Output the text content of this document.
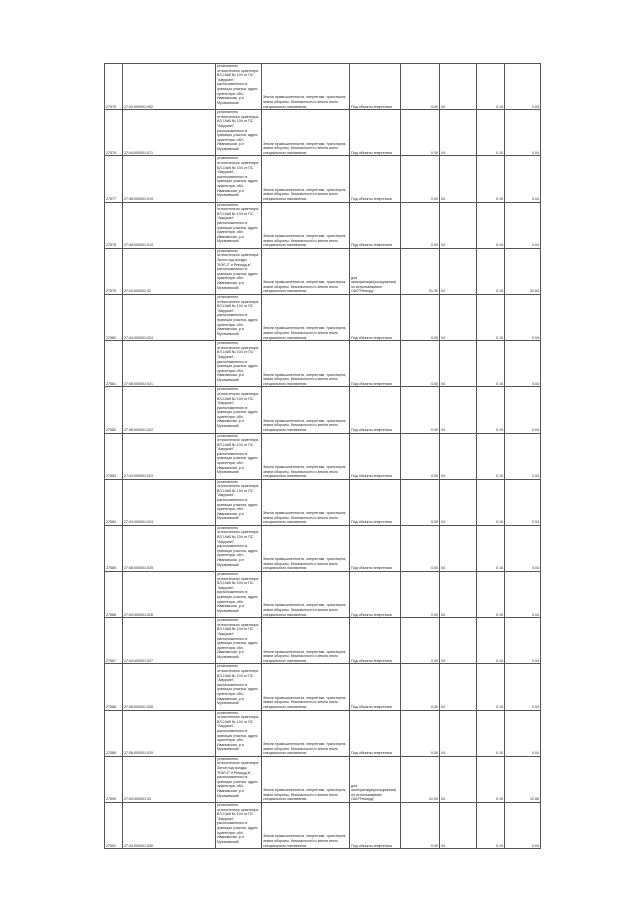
27575	27:04:000001:002	установлено относительно ориентира ВЛ-10кВ № 104 от ПС "Амуркан", расположенного в границах участка. адрес ориентира: обл. Ивановская, р-н Мухачевский	Земли промышленности, энергетики, транспорта, земли обороны, безопасности и земли иного специального назначения	Под объекты энергетики	0.00	04	0.15	0.04
27576	27:04:000001:071	установлено относительно ориентира ВЛ-10кВ № 104 от ПС "Амуркан", расположенного в границах участка. адрес ориентира: обл. Ивановская, р-н Мухачевский	Земли промышленности, энергетики, транспорта, земли обороны, безопасности и земли иного специального назначения	Под объекты энергетики	0.00	04	0.15	0.04
27577	27:08:000001:019	установлено относительно ориентира ВЛ-10кВ № 104 от ПС "Амуркан", расположенного в границах участка. адрес ориентира: обл. Ивановская, р-н Мухачевский	Земли промышленности, энергетики, транспорта, земли обороны, безопасности и земли иного специального назначения	Под объекты энергетики	0.00	04	0.15	0.04
27578	27:08:000001:019	установлено относительно ориентира ВЛ-10кВ № 104 от ПС "Амуркан", расположенного в границах участка. адрес ориентира: обл. Ивановская, р-н Мухачевский	Земли промышленности, энергетики, транспорта, земли обороны, безопасности и земли иного специального назначения	Под объекты энергетики	0.00	04	0.15	0.04
27579	27:04:000001:02	установлено относительно ориентира Затон под склады "ВЭЛ-2" п.Реморд-в", расположенного в границах участка. адрес ориентира: обл. Ивановская, р-н Мухачевский	Земли промышленности, энергетики, транспорта, земли обороны, безопасности и земли иного специального назначения	для эксплуатации(сооружения) по использованию ОАО"Реморд"	51.00	04	0.15	41.64
27580	27:04:000001:024	установлено относительно ориентира ВЛ-10кВ № 104 от ПС "Амуркан", расположенного в границах участка. адрес ориентира: обл. Ивановская, р-н Мухачевский	Земли промышленности, энергетики, транспорта, земли обороны, безопасности и земли иного специального назначения	Под объекты энергетики	0.00	04	0.15	0.04
27581	27:08:000001:021	установлено относительно ориентира ВЛ-10кВ № 104 от ПС "Амуркан", расположенного в границах участка. адрес ориентира: обл. Ивановская, р-н Мухачевский	Земли промышленности, энергетики, транспорта, земли обороны, безопасности и земли иного специального назначения	Под объекты энергетики	0.00	04	0.15	0.04
27582	27:08:000001:022	установлено относительно ориентира ВЛ-10кВ № 104 от ПС "Амуркан", расположенного в границах участка. адрес ориентира: обл. Ивановская, р-н Мухачевский	Земли промышленности, энергетики, транспорта, земли обороны, безопасности и земли иного специального назначения	Под объекты энергетики	0.00	04	0.15	0.04
27583	27:04:000001:023	установлено относительно ориентира ВЛ-10кВ № 104 от ПС "Амуркан", расположенного в границах участка. адрес ориентира: обл. Ивановская, р-н Мухачевский	Земли промышленности, энергетики, транспорта, земли обороны, безопасности и земли иного специального назначения	Под объекты энергетики	0.00	04	0.15	0.04
27584	27:04:000001:024	установлено относительно ориентира ВЛ-10кВ № 104 от ПС "Амуркан", расположенного в границах участка. адрес ориентира: обл. Ивановская, р-н Мухачевский	Земли промышленности, энергетики, транспорта, земли обороны, безопасности и земли иного специального назначения	Под объекты энергетики	0.00	04	0.15	0.04
27585	27:08:000001:025	установлено относительно ориентира ВЛ-10кВ № 104 от ПС "Амуркан", расположенного в границах участка. адрес ориентира: обл. Ивановская, р-н Мухачевский	Земли промышленности, энергетики, транспорта, земли обороны, безопасности и земли иного специального назначения	Под объекты энергетики	0.00	04	0.15	0.04
27586	27:04:000001:026	установлено относительно ориентира ВЛ-10кВ № 104 от ПС "Амуркан", расположенного в границах участка. адрес ориентира: обл. Ивановская, р-н Мухачевский	Земли промышленности, энергетики, транспорта, земли обороны, безопасности и земли иного специального назначения	Под объекты энергетики	0.00	04	0.15	0.04
27587	27:04:000001:027	установлено относительно ориентира ВЛ-10кВ № 104 от ПС "Амуркан", расположенного в границах участка. адрес ориентира: обл. Ивановская, р-н Мухачевский	Земли промышленности, энергетики, транспорта, земли обороны, безопасности и земли иного специального назначения	Под объекты энергетики	0.00	04	0.15	0.04
27588	27:08:000001:028	установлено относительно ориентира ВЛ-10кВ № 104 от ПС "Амуркан", расположенного в границах участка. адрес ориентира: обл. Ивановская, р-н Мухачевский	Земли промышленности, энергетики, транспорта, земли обороны, безопасности и земли иного специального назначения	Под объекты энергетики	0.00	04	0.15	0.04
27589	27:08:000001:029	установлено относительно ориентира ВЛ-10кВ № 104 от ПС "Амуркан", расположенного в границах участка. адрес ориентира: обл. Ивановская, р-н Мухачевский	Земли промышленности, энергетики, транспорта, земли обороны, безопасности и земли иного специального назначения	Под объекты энергетики	0.00	04	0.15	0.04
27590	27:04:000001:03	установлено относительно ориентира Затон под склады "ВЭЛ-2" п.Реморд-в", расположенного в границах участка. адрес ориентира: обл. Ивановская, р-н Мухачевский	Земли промышленности, энергетики, транспорта, земли обороны, безопасности и земли иного специального назначения	для эксплуатации(сооружения) по использованию ОАО"Реморд"	41.00	04	0.15	12.66
27591	27:04:000001:030	установлено относительно ориентира ВЛ-10кВ № 104 от ПС "Амуркан", расположенного в границах участка. адрес ориентира: обл. Ивановская, р-н Мухачевский	Земли промышленности, энергетики, транспорта, земли обороны, безопасности и земли иного специального назначения	Под объекты энергетики	0.00	04	0.15	0.04
